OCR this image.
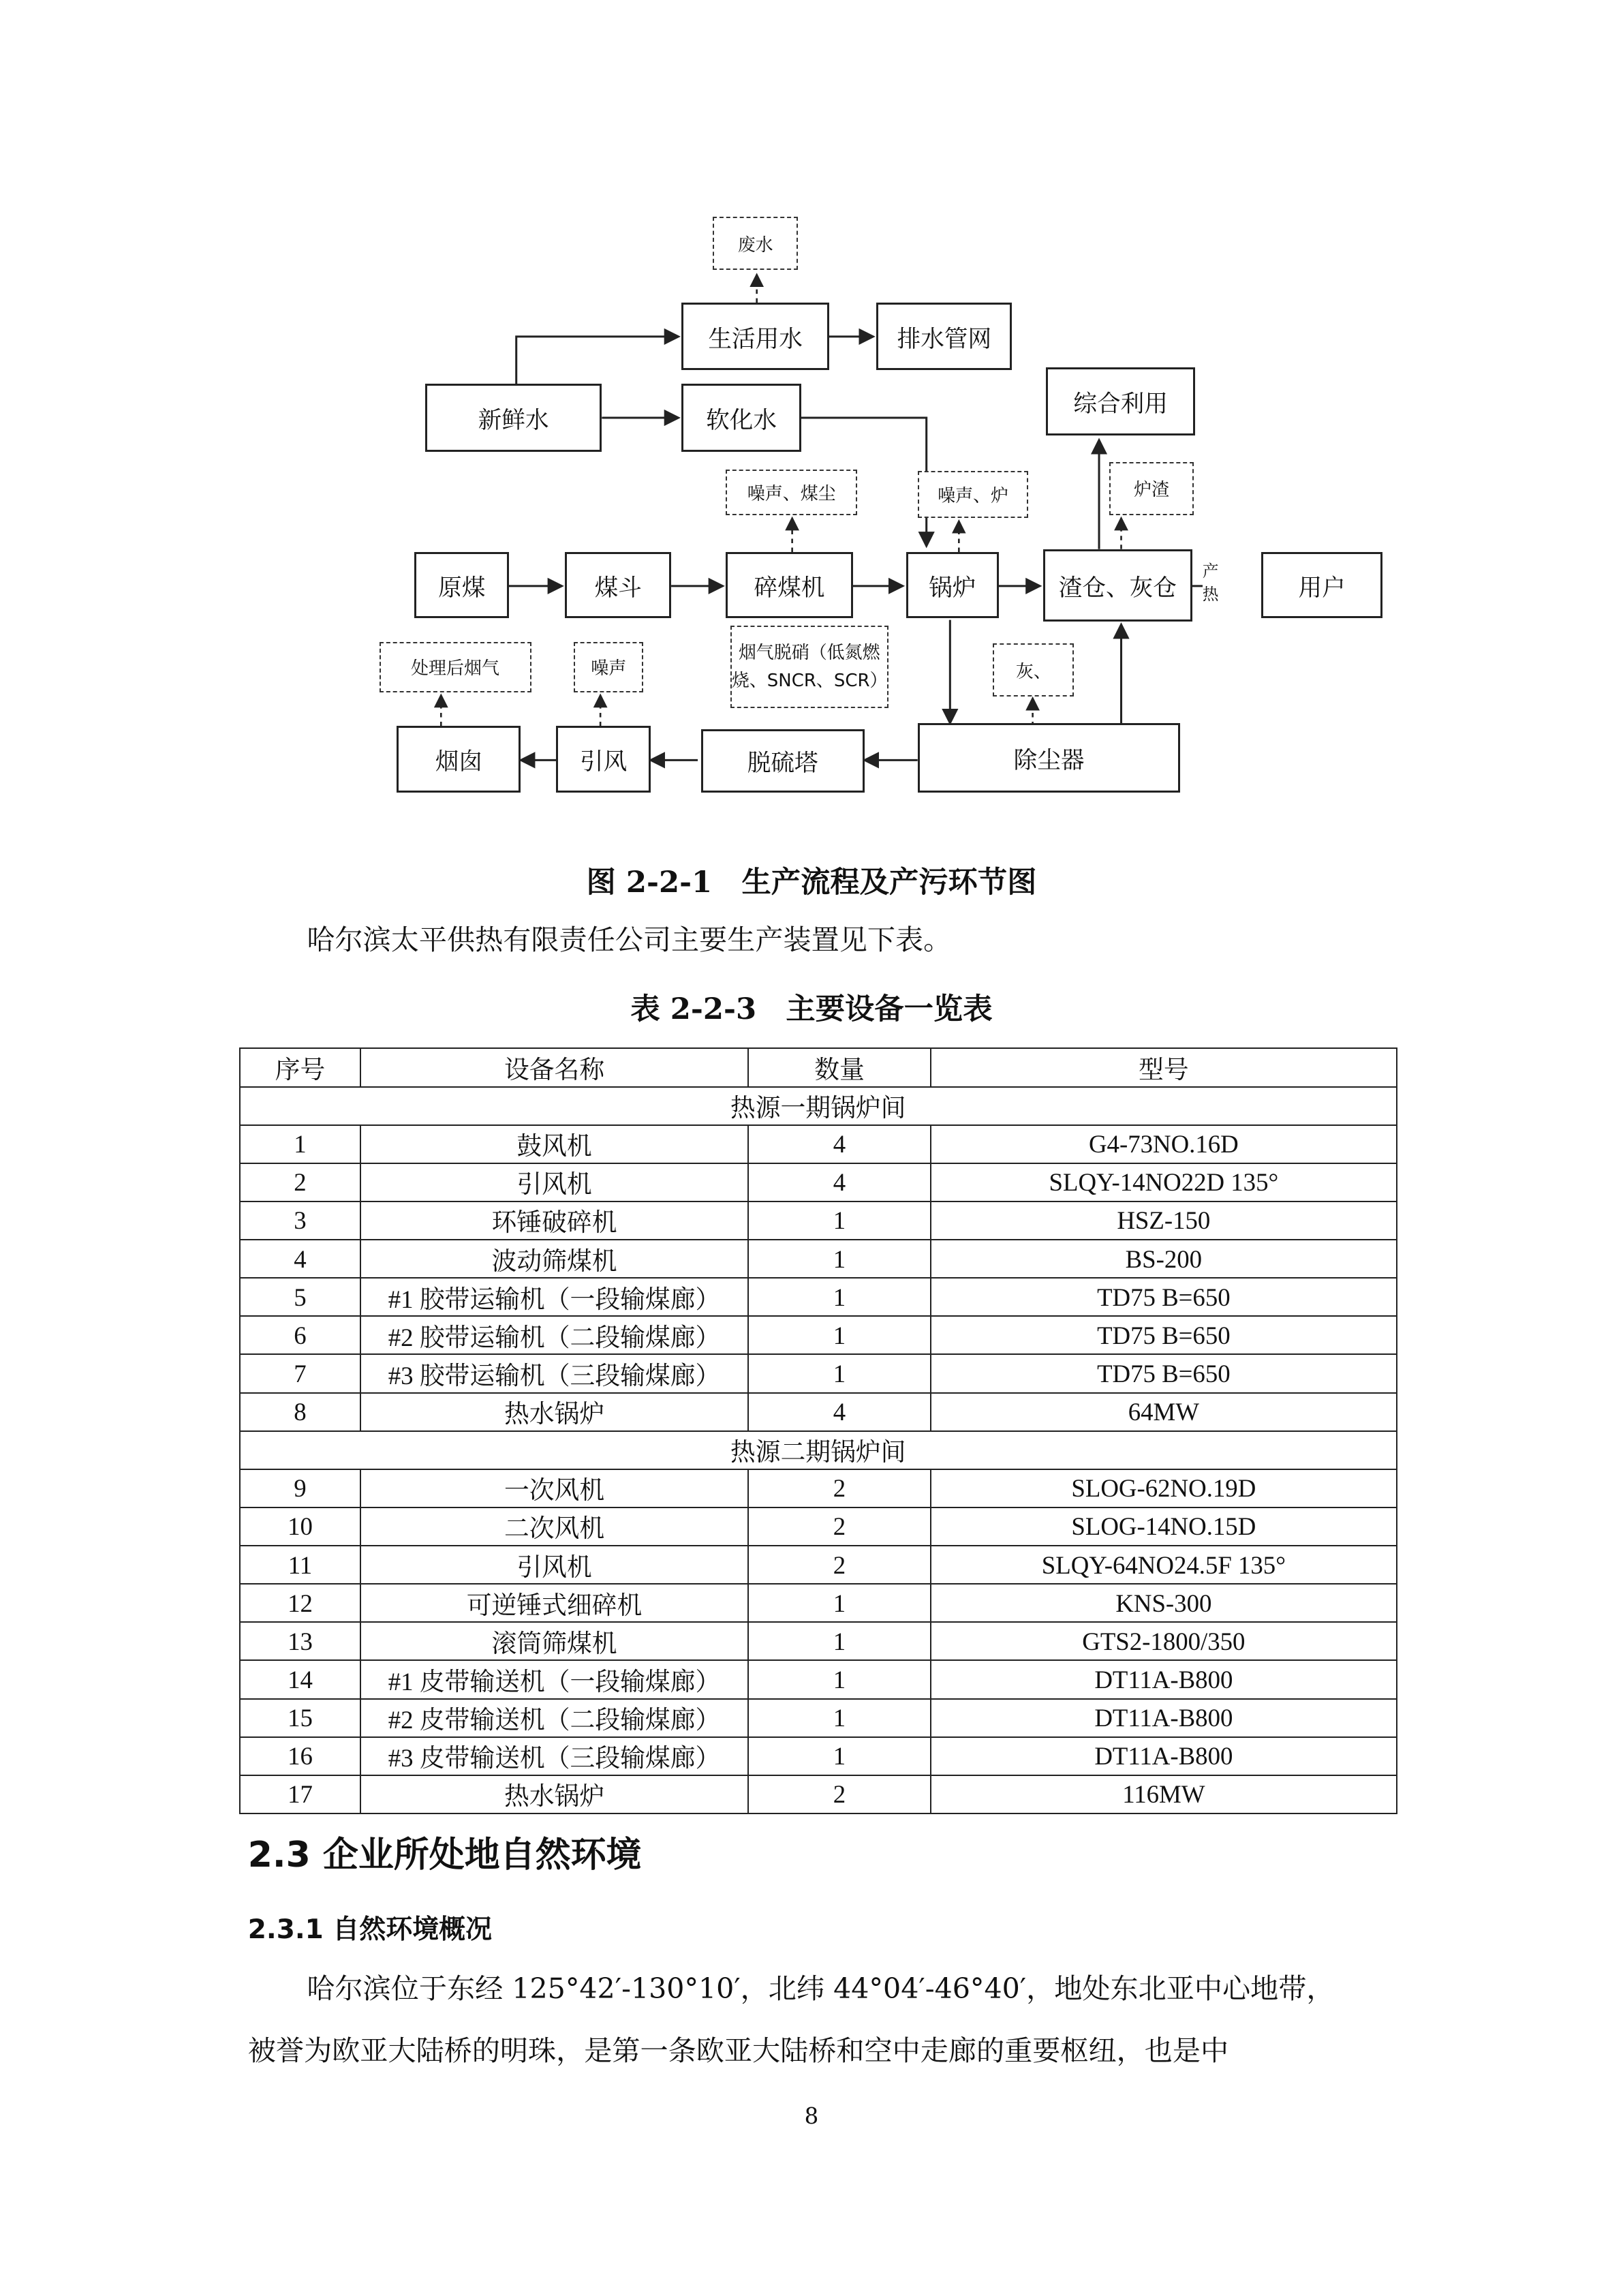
废水
生活用水	排水管网
新鲜水	软化水
综合利用
噪声、煤尘	噪声、炉	炉渣
原煤	煤斗	碎煤机	锅炉	渣仓、灰仓
产热	用户
处理后烟气	噪声
烟气脱硝（低氮燃
烧、SNCR、SCR）	灰、
烟囱	引风	脱硫塔	除尘器
图 2-2-1　生产流程及产污环节图
哈尔滨太平供热有限责任公司主要生产装置见下表。
表 2-2-3　主要设备一览表
序号	设备名称	数量	型号
热源一期锅炉间			
1	鼓风机	4	G4-73NO.16D
2	引风机	4	SLQY-14NO22D 135°
3	环锤破碎机	1	HSZ-150
4	波动筛煤机	1	BS-200
5	#1 胶带运输机（一段输煤廊）	1	TD75 B=650
6	#2 胶带运输机（二段输煤廊）	1	TD75 B=650
7	#3 胶带运输机（三段输煤廊）	1	TD75 B=650
8	热水锅炉	4	64MW
热源二期锅炉间			
9	一次风机	2	SLOG-62NO.19D
10	二次风机	2	SLOG-14NO.15D
11	引风机	2	SLQY-64NO24.5F 135°
12	可逆锤式细碎机	1	KNS-300
13	滚筒筛煤机	1	GTS2-1800/350
14	#1 皮带输送机（一段输煤廊）	1	DT11A-B800
15	#2 皮带输送机（二段输煤廊）	1	DT11A-B800
16	#3 皮带输送机（三段输煤廊）	1	DT11A-B800
17	热水锅炉	2	116MW
2.3 企业所处地自然环境
2.3.1 自然环境概况
哈尔滨位于东经 125°42′-130°10′，北纬 44°04′-46°40′，地处东北亚中心地带，
被誉为欧亚大陆桥的明珠，是第一条欧亚大陆桥和空中走廊的重要枢纽，也是中
8
